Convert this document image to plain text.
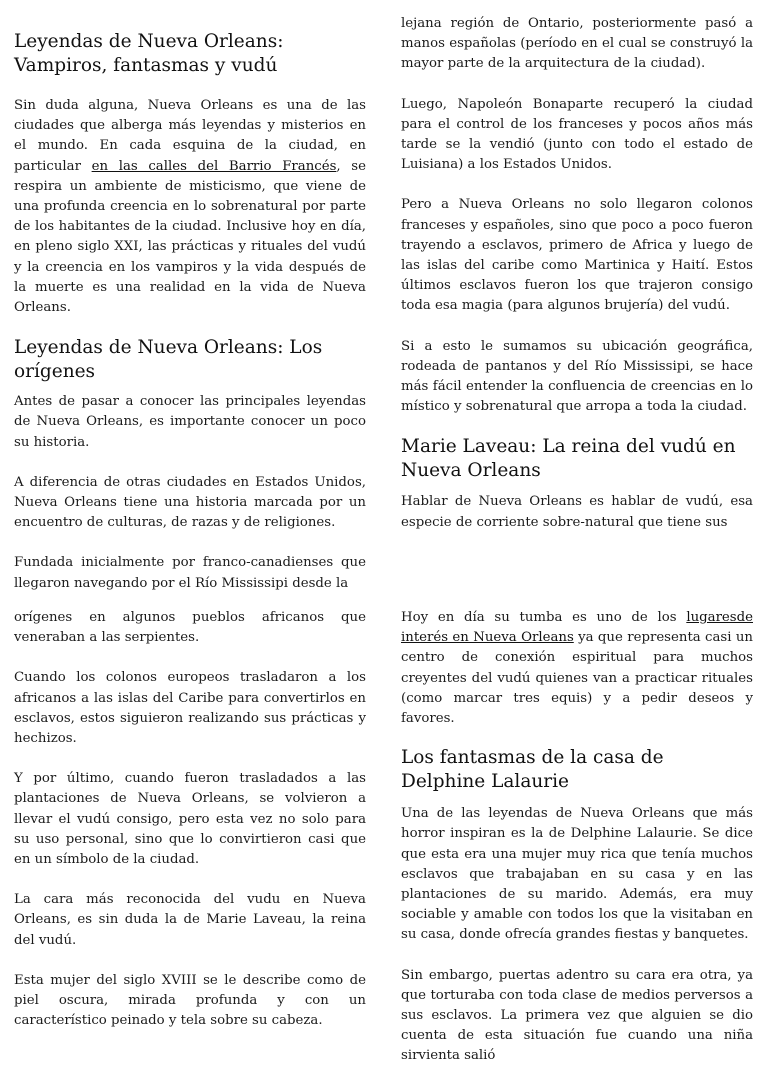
Leyendas de Nueva Orleans: Vampiros, fantasmas y vudú

Sin duda alguna, Nueva Orleans es una de las ciudades que alberga más leyendas y misterios en el mundo. En cada esquina de la ciudad, en particular en las calles del Barrio Francés, se respira un ambiente de misticismo, que viene de una profunda creencia en lo sobrenatural por parte de los habitantes de la ciudad. Inclusive hoy en día, en pleno siglo XXI, las prácticas y rituales del vudú y la creencia en los vampiros y la vida después de la muerte es una realidad en la vida de Nueva Orleans.

Leyendas de Nueva Orleans: Los orígenes

Antes de pasar a conocer las principales leyendas de Nueva Orleans, es importante conocer un poco su historia.

A diferencia de otras ciudades en Estados Unidos, Nueva Orleans tiene una historia marcada por un encuentro de culturas, de razas y de religiones.

Fundada inicialmente por franco-canadienses que llegaron navegando por el Río Mississipi desde la

lejana región de Ontario, posteriormente pasó a manos españolas (período en el cual se construyó la mayor parte de la arquitectura de la ciudad).

Luego, Napoleón Bonaparte recuperó la ciudad para el control de los franceses y pocos años más tarde se la vendió (junto con todo el estado de Luisiana) a los Estados Unidos.

Pero a Nueva Orleans no solo llegaron colonos franceses y españoles, sino que poco a poco fueron trayendo a esclavos, primero de Africa y luego de las islas del caribe como Martinica y Haití. Estos últimos esclavos fueron los que trajeron consigo toda esa magia (para algunos brujería) del vudú.

Si a esto le sumamos su ubicación geográfica, rodeada de pantanos y del Río Mississipi, se hace más fácil entender la confluencia de creencias en lo místico y sobrenatural que arropa a toda la ciudad.

Marie Laveau: La reina del vudú en Nueva Orleans

Hablar de Nueva Orleans es hablar de vudú, esa especie de corriente sobre-natural que tiene sus

orígenes en algunos pueblos africanos que veneraban a las serpientes.

Cuando los colonos europeos trasladaron a los africanos a las islas del Caribe para convertirlos en esclavos, estos siguieron realizando sus prácticas y hechizos.

Y por último, cuando fueron trasladados a las plantaciones de Nueva Orleans, se volvieron a llevar el vudú consigo, pero esta vez no solo para su uso personal, sino que lo convirtieron casi que en un símbolo de la ciudad.

La cara más reconocida del vudu en Nueva Orleans, es sin duda la de Marie Laveau, la reina del vudú.

Esta mujer del siglo XVIII se le describe como de piel oscura, mirada profunda y con un característico peinado y tela sobre su cabeza.

Hoy en día su tumba es uno de los lugaresde interés en Nueva Orleans ya que representa casi un centro de conexión espiritual para muchos creyentes del vudú quienes van a practicar rituales (como marcar tres equis) y a pedir deseos y favores.

Los fantasmas de la casa de Delphine Lalaurie

Una de las leyendas de Nueva Orleans que más horror inspiran es la de Delphine Lalaurie. Se dice que esta era una mujer muy rica que tenía muchos esclavos que trabajaban en su casa y en las plantaciones de su marido. Además, era muy sociable y amable con todos los que la visitaban en su casa, donde ofrecía grandes fiestas y banquetes.

Sin embargo, puertas adentro su cara era otra, ya que torturaba con toda clase de medios perversos a sus esclavos. La primera vez que alguien se dio cuenta de esta situación fue cuando una niña sirvienta salió
